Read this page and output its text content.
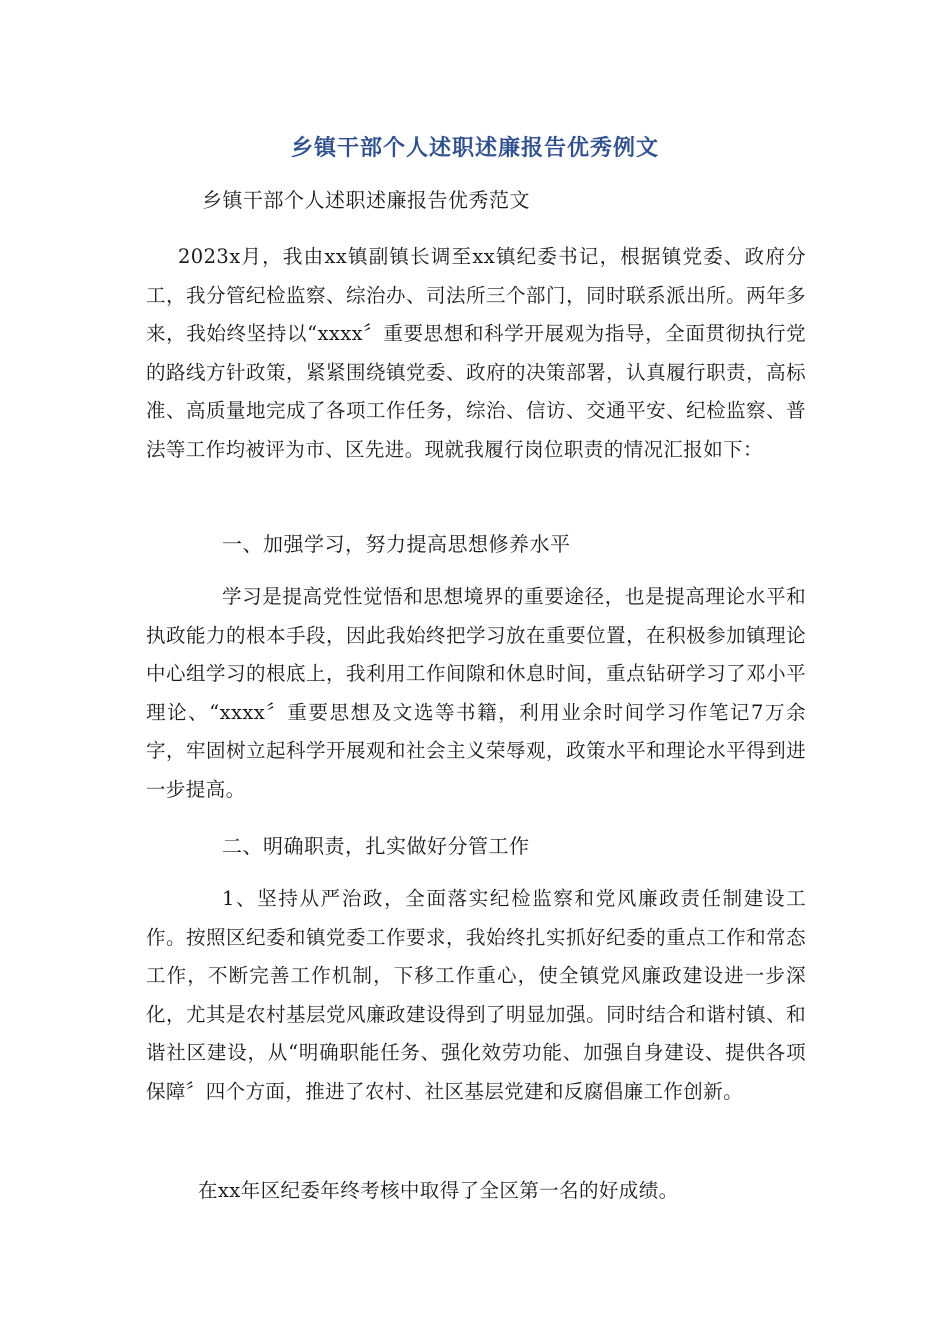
乡镇干部个人述职述廉报告优秀例文
乡镇干部个人述职述廉报告优秀范文
2023x月，我由xx镇副镇长调至xx镇纪委书记，根据镇党委、政府分工，我分管纪检监察、综治办、司法所三个部门，同时联系派出所。两年多来，我始终坚持以“xxxx〞重要思想和科学开展观为指导，全面贯彻执行党的路线方针政策，紧紧围绕镇党委、政府的决策部署，认真履行职责，高标准、高质量地完成了各项工作任务，综治、信访、交通平安、纪检监察、普法等工作均被评为市、区先进。现就我履行岗位职责的情况汇报如下：
一、加强学习，努力提高思想修养水平
学习是提高党性觉悟和思想境界的重要途径，也是提高理论水平和执政能力的根本手段，因此我始终把学习放在重要位置，在积极参加镇理论中心组学习的根底上，我利用工作间隙和休息时间，重点钻研学习了邓小平理论、“xxxx〞重要思想及文选等书籍，利用业余时间学习作笔记7万余字，牢固树立起科学开展观和社会主义荣辱观，政策水平和理论水平得到进一步提高。
二、明确职责，扎实做好分管工作
1、坚持从严治政，全面落实纪检监察和党风廉政责任制建设工作。按照区纪委和镇党委工作要求，我始终扎实抓好纪委的重点工作和常态工作，不断完善工作机制，下移工作重心，使全镇党风廉政建设进一步深化，尤其是农村基层党风廉政建设得到了明显加强。同时结合和谐村镇、和谐社区建设，从“明确职能任务、强化效劳功能、加强自身建设、提供各项保障〞四个方面，推进了农村、社区基层党建和反腐倡廉工作创新。
在xx年区纪委年终考核中取得了全区第一名的好成绩。
